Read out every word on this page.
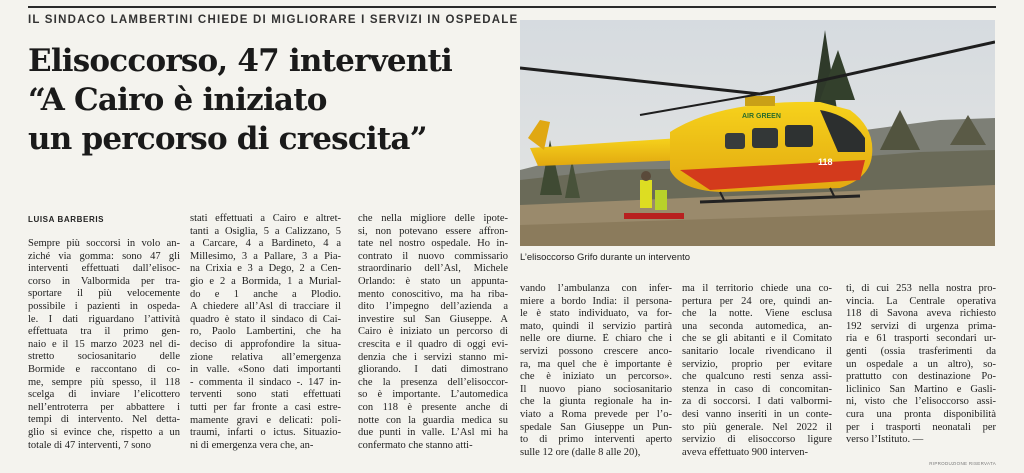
IL SINDACO LAMBERTINI CHIEDE DI MIGLIORARE I SERVIZI IN OSPEDALE
Elisoccorso, 47 interventi
“A Cairo è iniziato
un percorso di crescita”
AIR GREEN
118
L’elisoccorso Grifo durante un intervento
LUISA BARBERIS
Sempre più soccorsi in volo an-
ziché via gomma: sono 47 gli
interventi effettuati dall’elisoc-
corso in Valbormida per tra-
sportare il più velocemente
possibile i pazienti in ospeda-
le. I dati riguardano l’attività
effettuata tra il primo gen-
naio e il 15 marzo 2023 nel di-
stretto sociosanitario delle
Bormide e raccontano di co-
me, sempre più spesso, il 118
scelga di inviare l’elicottero
nell’entroterra per abbattere i
tempi di intervento. Nel detta-
glio si evince che, rispetto a un
totale di 47 interventi, 7 sono
stati effettuati a Cairo e altret-
tanti a Osiglia, 5 a Calizzano, 5
a Carcare, 4 a Bardineto, 4 a
Millesimo, 3 a Pallare, 3 a Pia-
na Crixia e 3 a Dego, 2 a Cen-
gio e 2 a Bormida, 1 a Murial-
do e 1 anche a Plodio.
A chiedere all’Asl di tracciare il
quadro è stato il sindaco di Cai-
ro, Paolo Lambertini, che ha
deciso di approfondire la situa-
zione relativa all’emergenza
in valle. «Sono dati importanti
- commenta il sindaco -. 147 in-
terventi sono stati effettuati
tutti per far fronte a casi estre-
mamente gravi e delicati: poli-
traumi, infarti o ictus. Situazio-
ni di emergenza vera che, an-
che nella migliore delle ipote-
si, non potevano essere affron-
tate nel nostro ospedale. Ho in-
contrato il nuovo commissario
straordinario dell’Asl, Michele
Orlando: è stato un appunta-
mento conoscitivo, ma ha riba-
dito l’impegno dell’azienda a
investire sul San Giuseppe. A
Cairo è iniziato un percorso di
crescita e il quadro di oggi evi-
denzia che i servizi stanno mi-
gliorando. I dati dimostrano
che la presenza dell’elisoccor-
so è importante. L’automedica
con 118 è presente anche di
notte con la guardia medica su
due punti in valle. L’Asl mi ha
confermato che stanno atti-
vando l’ambulanza con infer-
miere a bordo India: il persona-
le è stato individuato, va for-
mato, quindi il servizio partirà
nelle ore diurne. È chiaro che i
servizi possono crescere anco-
ra, ma quel che è importante è
che è iniziato un percorso».
Il nuovo piano sociosanitario
che la giunta regionale ha in-
viato a Roma prevede per l’o-
spedale San Giuseppe un Pun-
to di primo interventi aperto
sulle 12 ore (dalle 8 alle 20),
ma il territorio chiede una co-
pertura per 24 ore, quindi an-
che la notte. Viene esclusa
una seconda automedica, an-
che se gli abitanti e il Comitato
sanitario locale rivendicano il
servizio, proprio per evitare
che qualcuno resti senza assi-
stenza in caso di concomitan-
za di soccorsi. I dati valbormi-
desi vanno inseriti in un conte-
sto più generale. Nel 2022 il
servizio di elisoccorso ligure
aveva effettuato 900 interven-
ti, di cui 253 nella nostra pro-
vincia. La Centrale operativa
118 di Savona aveva richiesto
192 servizi di urgenza prima-
ria e 61 trasporti secondari ur-
genti (ossia trasferimenti da
un ospedale a un altro), so-
prattutto con destinazione Po-
liclinico San Martino e Gasli-
ni, visto che l’elisoccorso assi-
cura una pronta disponibilità
per i trasporti neonatali per
verso l’Istituto. —
RIPRODUZIONE RISERVATA
